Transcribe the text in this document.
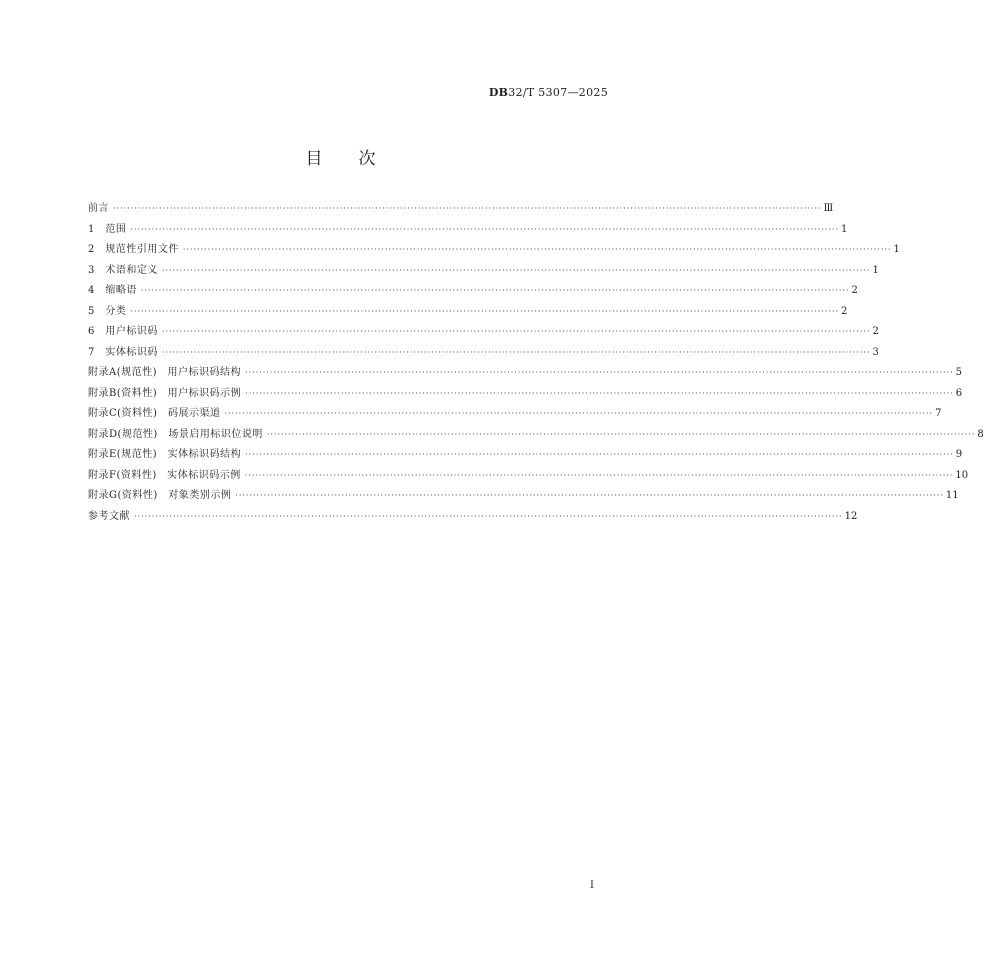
DB32/T 5307—2025
目次
前言 ········································································································································································································ Ⅲ
1　范围 ········································································································································································································ 1
2　规范性引用文件 ········································································································································································································ 1
3　术语和定义 ········································································································································································································ 1
4　缩略语 ········································································································································································································ 2
5　分类 ········································································································································································································ 2
6　用户标识码 ········································································································································································································ 2
7　实体标识码 ········································································································································································································ 3
附录A(规范性)　用户标识码结构 ········································································································································································································ 5
附录B(资料性)　用户标识码示例 ········································································································································································································ 6
附录C(资料性)　码展示渠道 ········································································································································································································ 7
附录D(规范性)　场景启用标识位说明 ········································································································································································································ 8
附录E(规范性)　实体标识码结构 ········································································································································································································ 9
附录F(资料性)　实体标识码示例 ········································································································································································································ 10
附录G(资料性)　对象类别示例 ········································································································································································································ 11
参考文献 ········································································································································································································ 12
I
